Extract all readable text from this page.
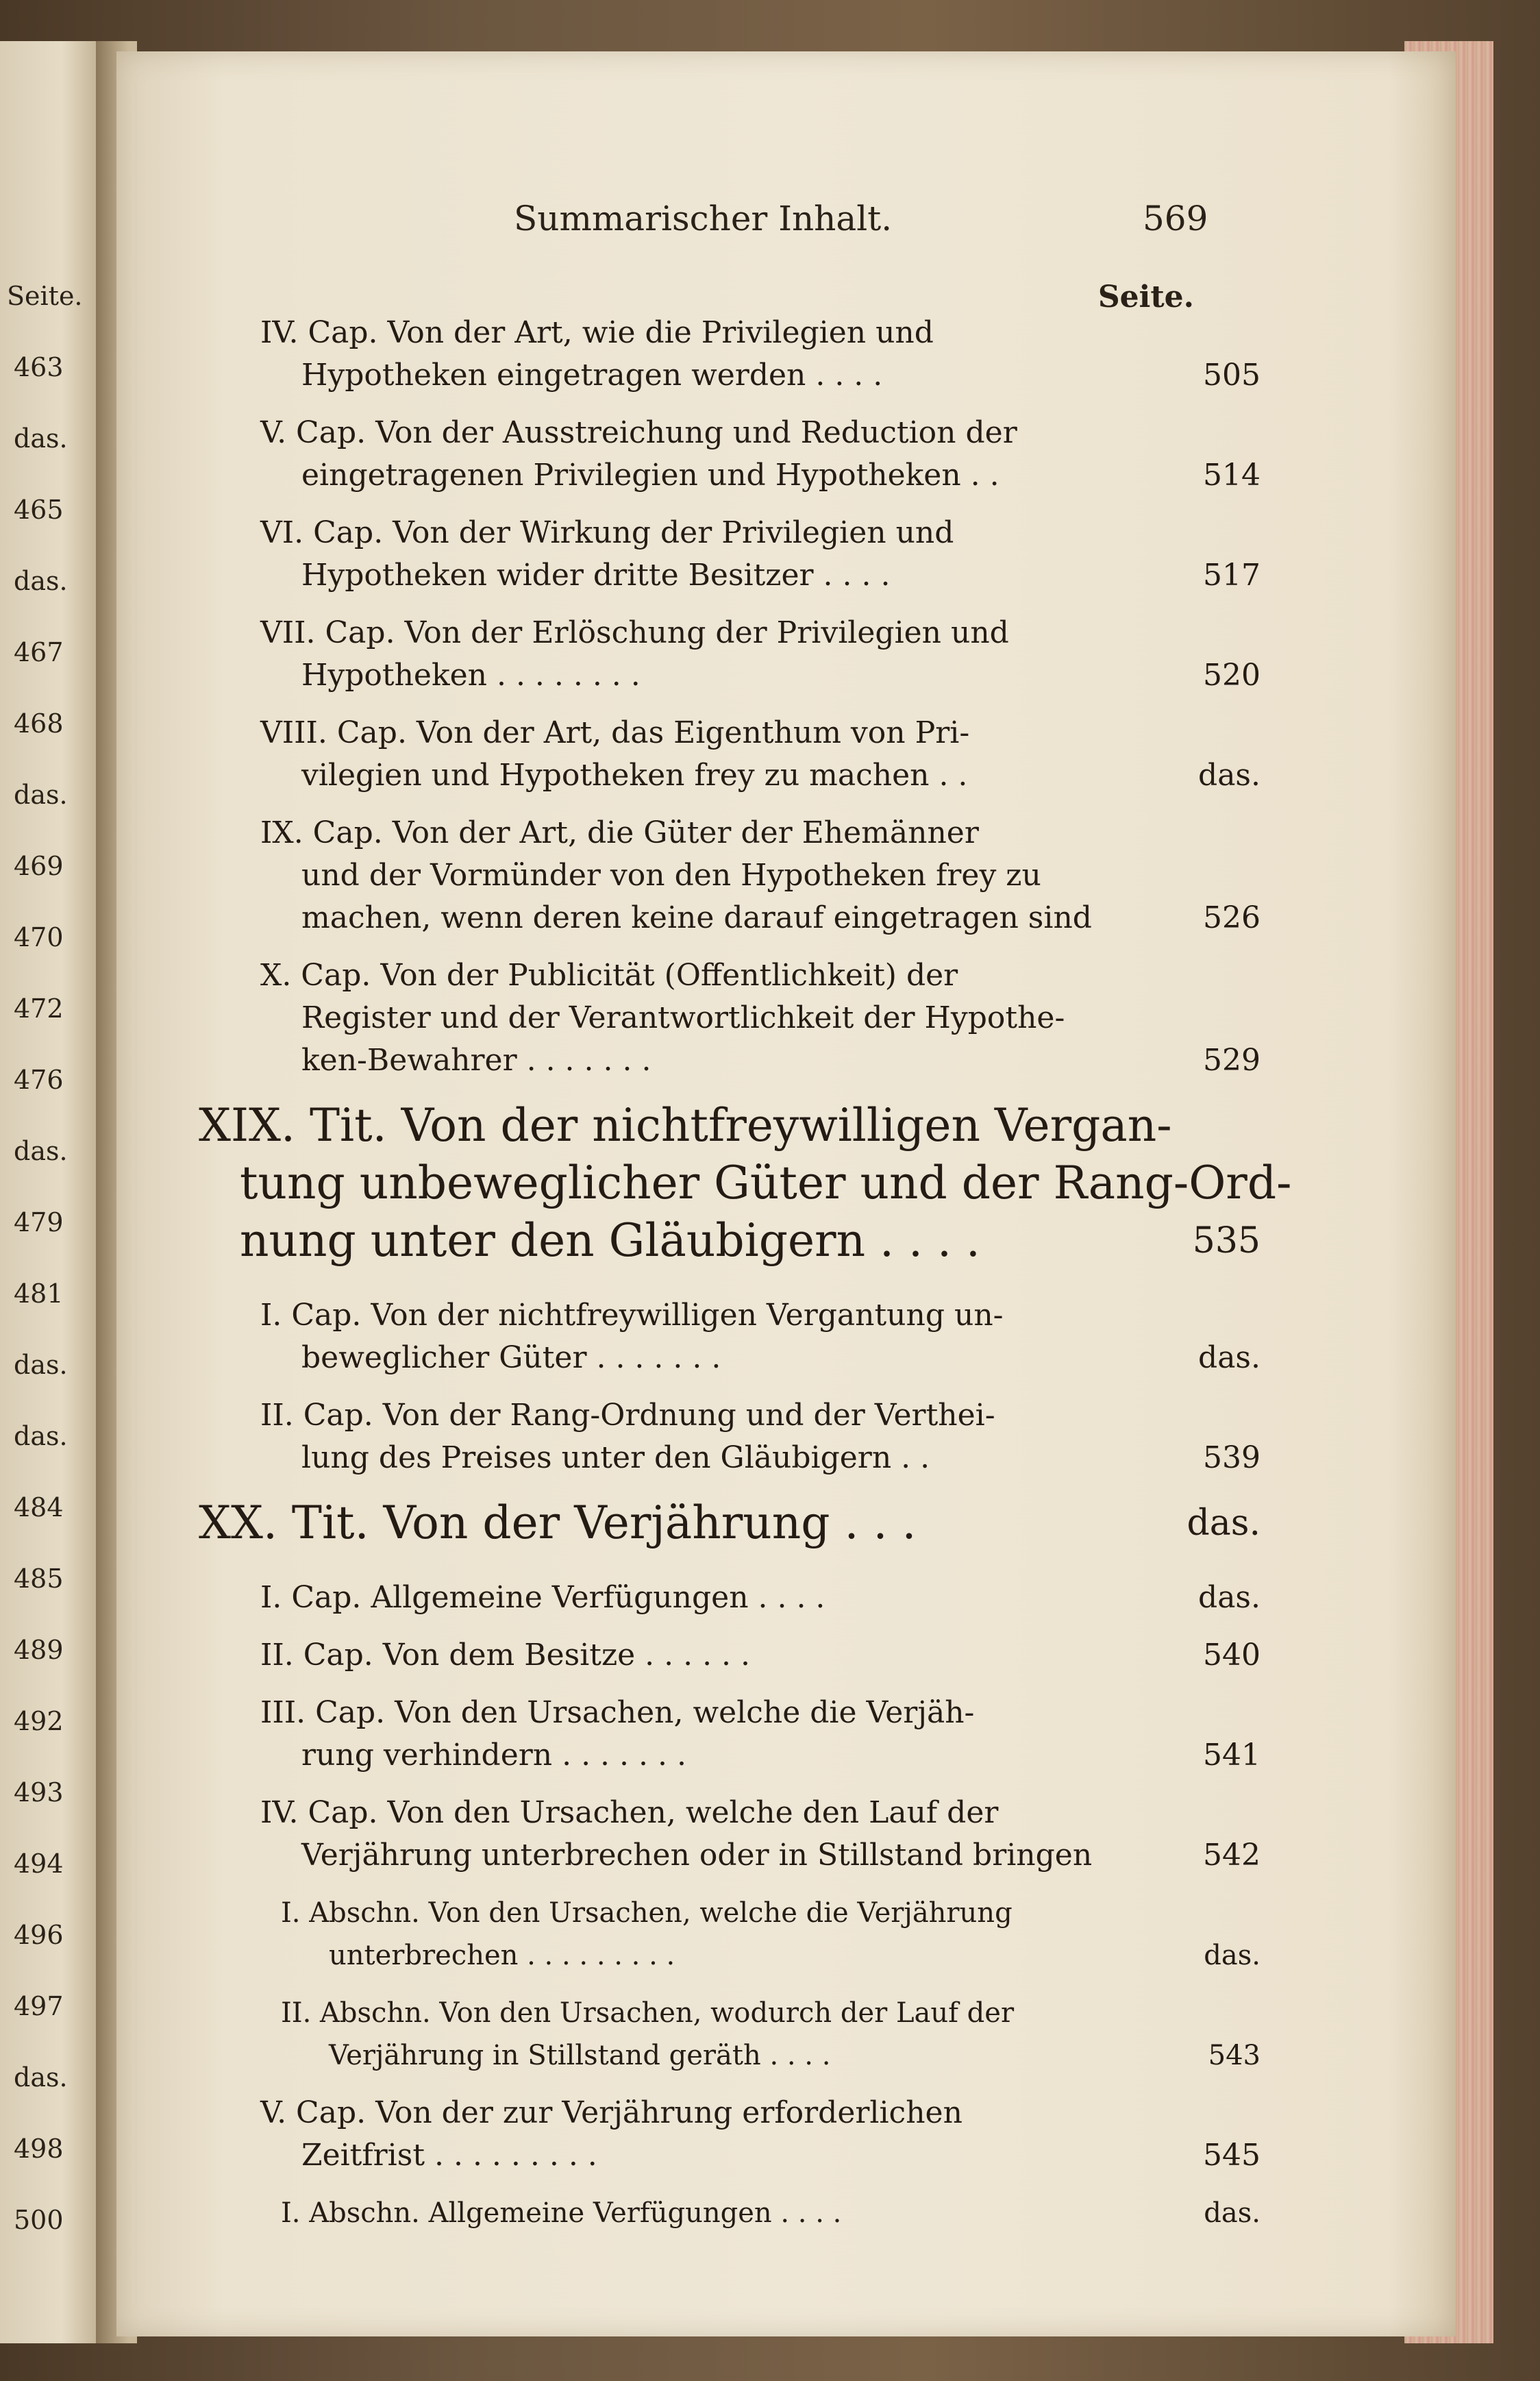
Seite.
463
das.
465
das.
467
468
das.
469
470
472
476
das.
479
481
das.
das.
484
485
489
492
493
494
496
497
das.
498
500
Summarischer Inhalt.	569
Seite.
IV. Cap. Von der Art, wie die Privilegien und
Hypotheken eingetragen werden . . . .	505
V. Cap. Von der Ausstreichung und Reduction der
eingetragenen Privilegien und Hypotheken . .	514
VI. Cap. Von der Wirkung der Privilegien und
Hypotheken wider dritte Besitzer . . . .	517
VII. Cap. Von der Erlöschung der Privilegien und
Hypotheken . . . . . . . .	520
VIII. Cap. Von der Art, das Eigenthum von Pri-
vilegien und Hypotheken frey zu machen . .	das.
IX. Cap. Von der Art, die Güter der Ehemänner
und der Vormünder von den Hypotheken frey zu
machen, wenn deren keine darauf eingetragen sind	526
X. Cap. Von der Publicität (Offentlichkeit) der
Register und der Verantwortlichkeit der Hypothe-
ken-Bewahrer . . . . . . .	529
XIX. Tit. Von der nichtfreywilligen Vergan-
tung unbeweglicher Güter und der Rang-Ord-
nung unter den Gläubigern . . . .	535
I. Cap. Von der nichtfreywilligen Vergantung un-
beweglicher Güter . . . . . . .	das.
II. Cap. Von der Rang-Ordnung und der Verthei-
lung des Preises unter den Gläubigern . .	539
XX. Tit. Von der Verjährung . . .	das.
I. Cap. Allgemeine Verfügungen . . . .	das.
II. Cap. Von dem Besitze . . . . . .	540
III. Cap. Von den Ursachen, welche die Verjäh-
rung verhindern . . . . . . .	541
IV. Cap. Von den Ursachen, welche den Lauf der
Verjährung unterbrechen oder in Stillstand bringen	542
I. Abschn. Von den Ursachen, welche die Verjährung
unterbrechen . . . . . . . . .	das.
II. Abschn. Von den Ursachen, wodurch der Lauf der
Verjährung in Stillstand geräth . . . .	543
V. Cap. Von der zur Verjährung erforderlichen
Zeitfrist . . . . . . . . .	545
I. Abschn. Allgemeine Verfügungen . . . .	das.
